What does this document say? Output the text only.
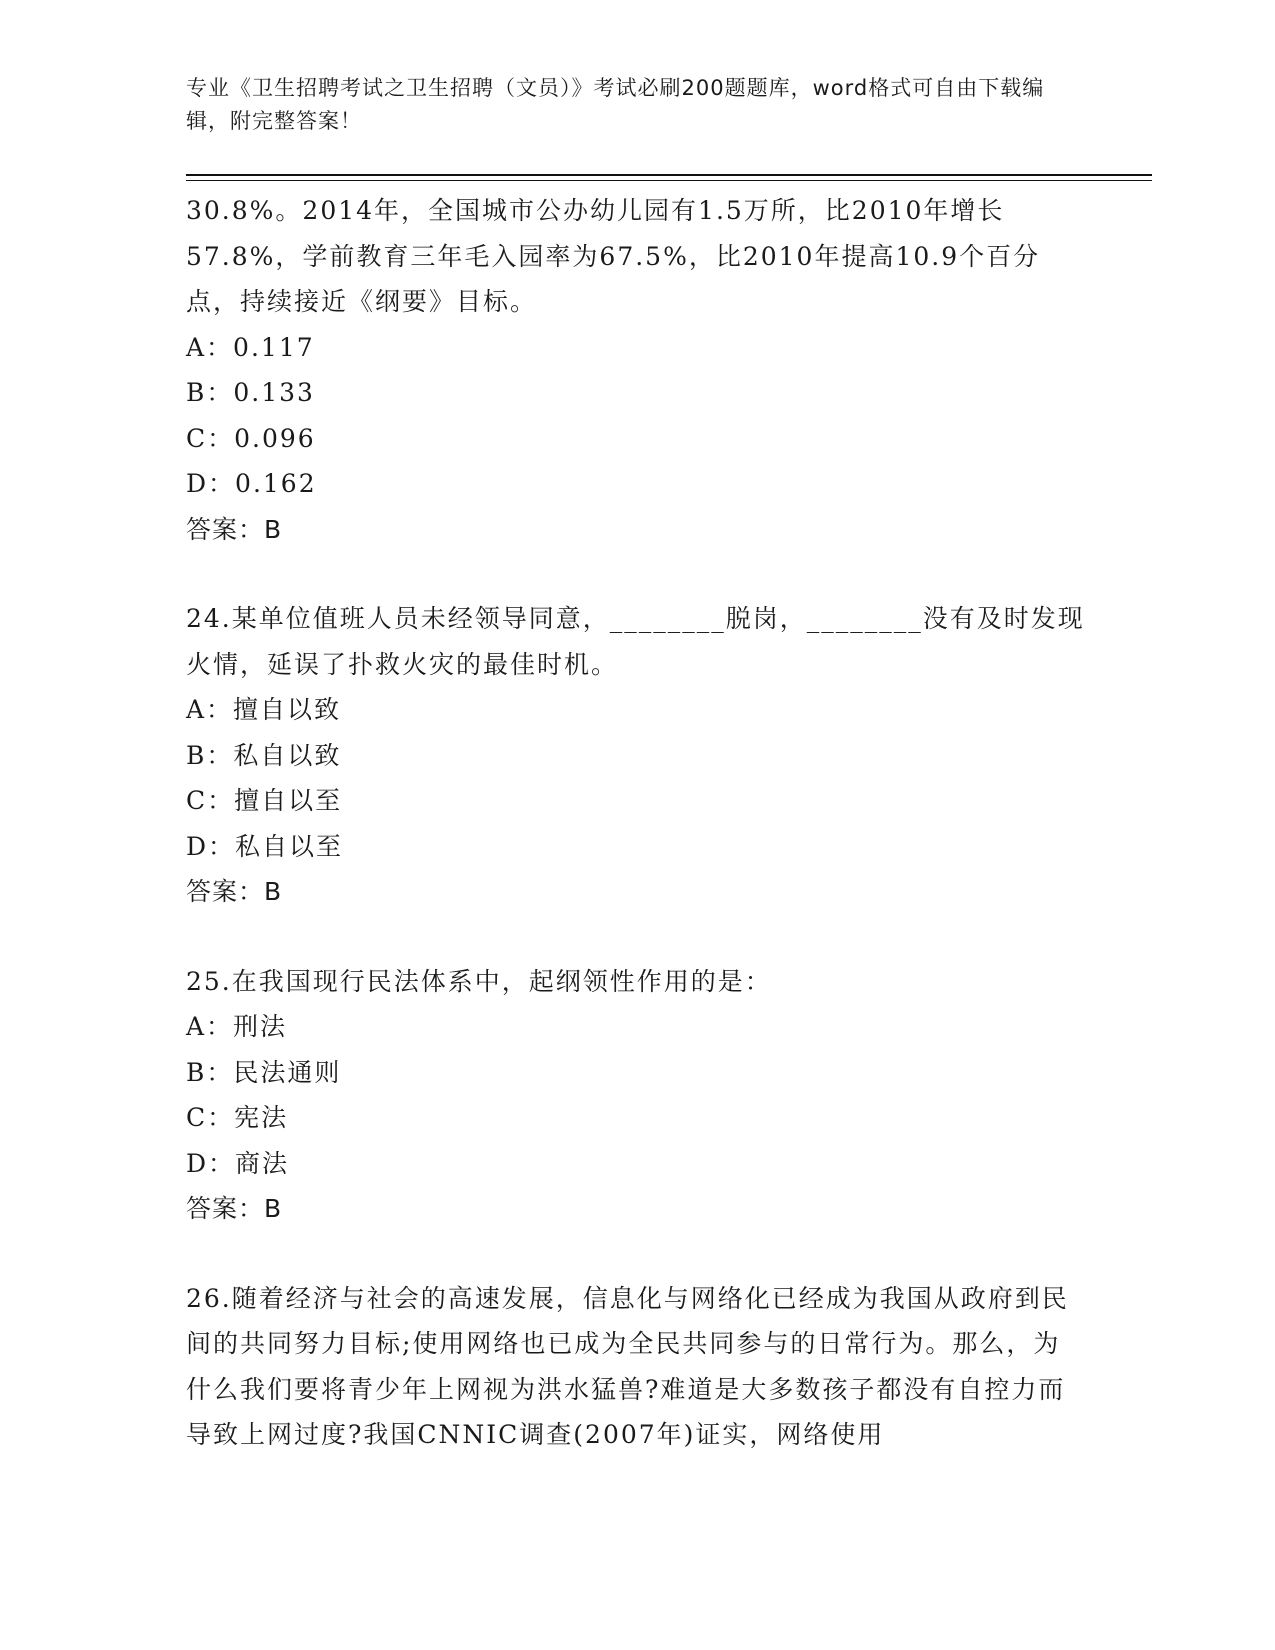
专业《卫生招聘考试之卫生招聘（文员）》考试必刷200题题库，word格式可自由下载编辑，附完整答案！

30.8%。2014年，全国城市公办幼儿园有1.5万所，比2010年增长57.8%，学前教育三年毛入园率为67.5%，比2010年提高10.9个百分点，持续接近《纲要》目标。

A：0.117

B：0.133

C：0.096

D：0.162

答案：B

24.某单位值班人员未经领导同意，________脱岗，________没有及时发现火情，延误了扑救火灾的最佳时机。

A：擅自以致

B：私自以致

C：擅自以至

D：私自以至

答案：B

25.在我国现行民法体系中，起纲领性作用的是：

A：刑法

B：民法通则

C：宪法

D：商法

答案：B

26.随着经济与社会的高速发展，信息化与网络化已经成为我国从政府到民间的共同努力目标;使用网络也已成为全民共同参与的日常行为。那么，为什么我们要将青少年上网视为洪水猛兽?难道是大多数孩子都没有自控力而导致上网过度?我国CNNIC调查(2007年)证实，网络使用
